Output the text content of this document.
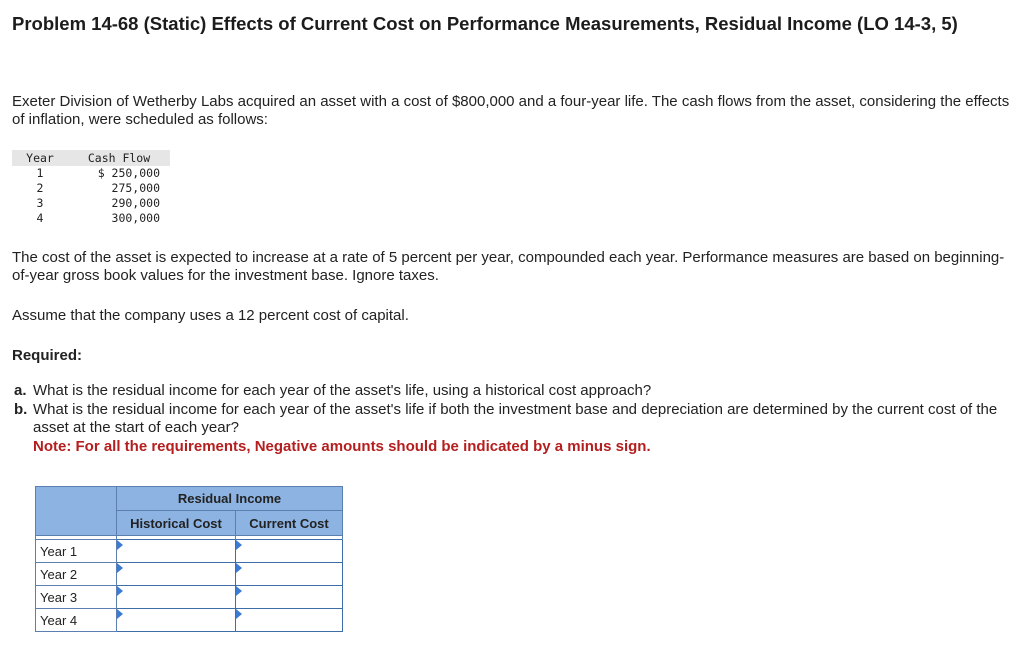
Problem 14-68 (Static) Effects of Current Cost on Performance Measurements, Residual Income (LO 14-3, 5)
Exeter Division of Wetherby Labs acquired an asset with a cost of $800,000 and a four-year life. The cash flows from the asset, considering the effects of inflation, were scheduled as follows:
Year	Cash Flow
1	$ 250,000
2	275,000
3	290,000
4	300,000
The cost of the asset is expected to increase at a rate of 5 percent per year, compounded each year. Performance measures are based on beginning-of-year gross book values for the investment base. Ignore taxes.
Assume that the company uses a 12 percent cost of capital.
Required:
a. What is the residual income for each year of the asset's life, using a historical cost approach?
b. What is the residual income for each year of the asset's life if both the investment base and depreciation are determined by the current cost of the asset at the start of each year?
Note: For all the requirements, Negative amounts should be indicated by a minus sign.
	Residual Income	
	Historical Cost	Current Cost

Year 1	

Year 2	

Year 3	

Year 4	
